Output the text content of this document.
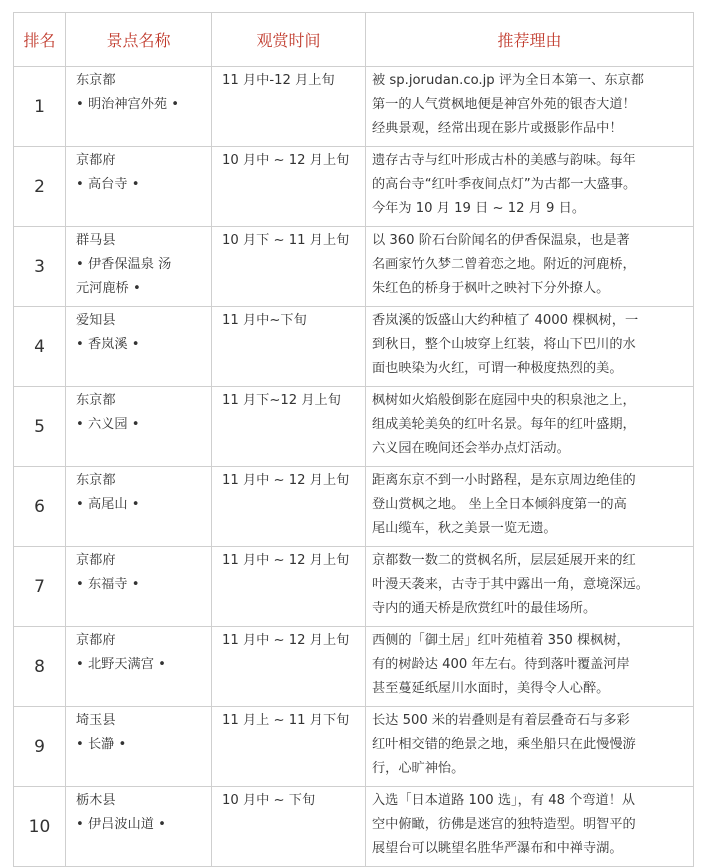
排名	景点名称	观赏时间	推荐理由
1	东京都
• 明治神宫外苑 •	11 月中-12 月上旬	被 sp.jorudan.co.jp 评为全日本第一、东京都
第一的人气赏枫地便是神宫外苑的银杏大道！
经典景观，经常出现在影片或摄影作品中！

2	京都府
• 高台寺 •	10 月中 ~ 12 月上旬	遗存古寺与红叶形成古朴的美感与韵味。每年
的高台寺“红叶季夜间点灯”为古都一大盛事。
今年为 10 月 19 日 ~ 12 月 9 日。

3	群马县
• 伊香保温泉 汤
元河鹿桥 •	10 月下 ~ 11 月上旬	以 360 阶石台阶闻名的伊香保温泉，也是著
名画家竹久梦二曾着恋之地。附近的河鹿桥，
朱红色的桥身于枫叶之映衬下分外撩人。

4	爱知县
• 香岚溪 •	11 月中~下旬	香岚溪的饭盛山大约种植了 4000 棵枫树，一
到秋日，整个山坡穿上红装，将山下巴川的水
面也映染为火红，可谓一种极度热烈的美。

5	东京都
• 六义园 •	11 月下~12 月上旬	枫树如火焰般倒影在庭园中央的积泉池之上，
组成美轮美奂的红叶名景。每年的红叶盛期，
六义园在晚间还会举办点灯活动。

6	东京都
• 高尾山 •	11 月中 ~ 12 月上旬	距离东京不到一小时路程，是东京周边绝佳的
登山赏枫之地。 坐上全日本倾斜度第一的高
尾山缆车，秋之美景一览无遗。

7	京都府
• 东福寺 •	11 月中 ~ 12 月上旬	京都数一数二的赏枫名所，层层延展开来的红
叶漫天袭来，古寺于其中露出一角，意境深远。
寺内的通天桥是欣赏红叶的最佳场所。

8	京都府
• 北野天满宫 •	11 月中 ~ 12 月上旬	西侧的「御土居」红叶苑植着 350 棵枫树，
有的树龄达 400 年左右。待到落叶覆盖河岸
甚至蔓延纸屋川水面时，美得令人心醉。

9	埼玉县
• 长瀞 •	11 月上 ~ 11 月下旬	长达 500 米的岩叠则是有着层叠奇石与多彩
红叶相交错的绝景之地，乘坐船只在此慢慢游
行，心旷神怡。

10	栃木县
• 伊吕波山道 •	10 月中 ~ 下旬	入选「日本道路 100 选」，有 48 个弯道！从
空中俯瞰，彷佛是迷宫的独特造型。明智平的
展望台可以眺望名胜华严瀑布和中禅寺湖。
